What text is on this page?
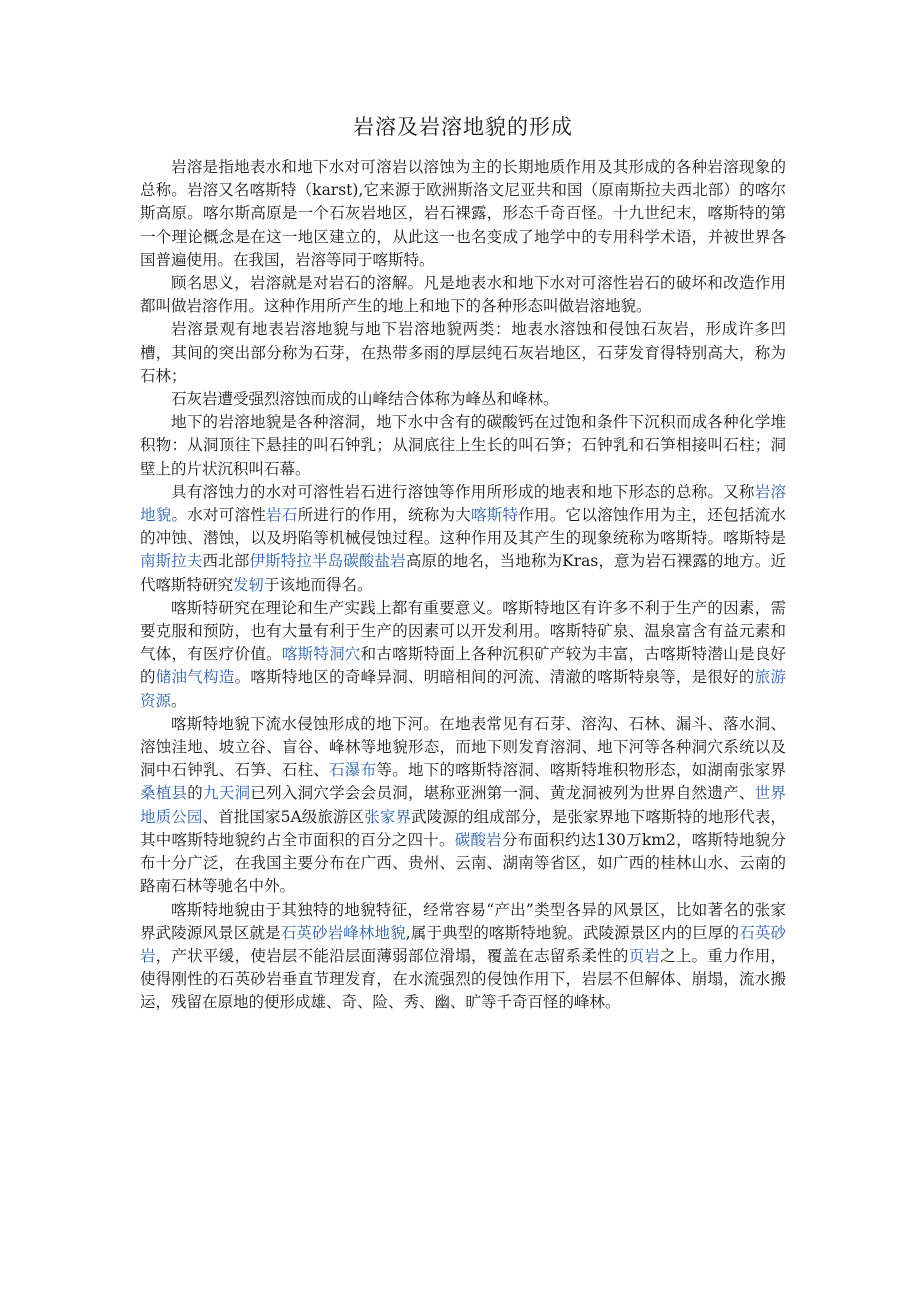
岩溶及岩溶地貌的形成

岩溶是指地表水和地下水对可溶岩以溶蚀为主的长期地质作用及其形成的各种岩溶现象的总称。岩溶又名喀斯特（karst),它来源于欧洲斯洛文尼亚共和国（原南斯拉夫西北部）的喀尔斯高原。喀尔斯高原是一个石灰岩地区，岩石裸露，形态千奇百怪。十九世纪末，喀斯特的第一个理论概念是在这一地区建立的，从此这一也名变成了地学中的专用科学术语，并被世界各国普遍使用。在我国，岩溶等同于喀斯特。

顾名思义，岩溶就是对岩石的溶解。凡是地表水和地下水对可溶性岩石的破坏和改造作用都叫做岩溶作用。这种作用所产生的地上和地下的各种形态叫做岩溶地貌。

岩溶景观有地表岩溶地貌与地下岩溶地貌两类：地表水溶蚀和侵蚀石灰岩，形成许多凹槽，其间的突出部分称为石芽，在热带多雨的厚层纯石灰岩地区，石芽发育得特别高大，称为石林；

石灰岩遭受强烈溶蚀而成的山峰结合体称为峰丛和峰林。

地下的岩溶地貌是各种溶洞，地下水中含有的碳酸钙在过饱和条件下沉积而成各种化学堆积物：从洞顶往下悬挂的叫石钟乳；从洞底往上生长的叫石笋；石钟乳和石笋相接叫石柱；洞壁上的片状沉积叫石幕。

具有溶蚀力的水对可溶性岩石进行溶蚀等作用所形成的地表和地下形态的总称。又称岩溶地貌。水对可溶性岩石所进行的作用，统称为大喀斯特作用。它以溶蚀作用为主，还包括流水的冲蚀、潜蚀，以及坍陷等机械侵蚀过程。这种作用及其产生的现象统称为喀斯特。喀斯特是南斯拉夫西北部伊斯特拉半岛碳酸盐岩高原的地名，当地称为Kras，意为岩石裸露的地方。近代喀斯特研究发轫于该地而得名。

喀斯特研究在理论和生产实践上都有重要意义。喀斯特地区有许多不利于生产的因素，需要克服和预防，也有大量有利于生产的因素可以开发利用。喀斯特矿泉、温泉富含有益元素和气体，有医疗价值。喀斯特洞穴和古喀斯特面上各种沉积矿产较为丰富，古喀斯特潜山是良好的储油气构造。喀斯特地区的奇峰异洞、明暗相间的河流、清澈的喀斯特泉等，是很好的旅游资源。

喀斯特地貌下流水侵蚀形成的地下河。在地表常见有石芽、溶沟、石林、漏斗、落水洞、溶蚀洼地、坡立谷、盲谷、峰林等地貌形态，而地下则发育溶洞、地下河等各种洞穴系统以及洞中石钟乳、石笋、石柱、石瀑布等。地下的喀斯特溶洞、喀斯特堆积物形态，如湖南张家界桑植县的九天洞已列入洞穴学会会员洞，堪称亚洲第一洞、黄龙洞被列为世界自然遗产、世界地质公园、首批国家5A级旅游区张家界武陵源的组成部分，是张家界地下喀斯特的地形代表，其中喀斯特地貌约占全市面积的百分之四十。碳酸岩分布面积约达130万km2，喀斯特地貌分布十分广泛，在我国主要分布在广西、贵州、云南、湖南等省区，如广西的桂林山水、云南的路南石林等驰名中外。

喀斯特地貌由于其独特的地貌特征，经常容易“产出”类型各异的风景区，比如著名的张家界武陵源风景区就是石英砂岩峰林地貌,属于典型的喀斯特地貌。武陵源景区内的巨厚的石英砂岩，产状平缓，使岩层不能沿层面薄弱部位滑塌，覆盖在志留系柔性的页岩之上。重力作用，使得刚性的石英砂岩垂直节理发育，在水流强烈的侵蚀作用下，岩层不但解体、崩塌，流水搬运，残留在原地的便形成雄、奇、险、秀、幽、旷等千奇百怪的峰林。
